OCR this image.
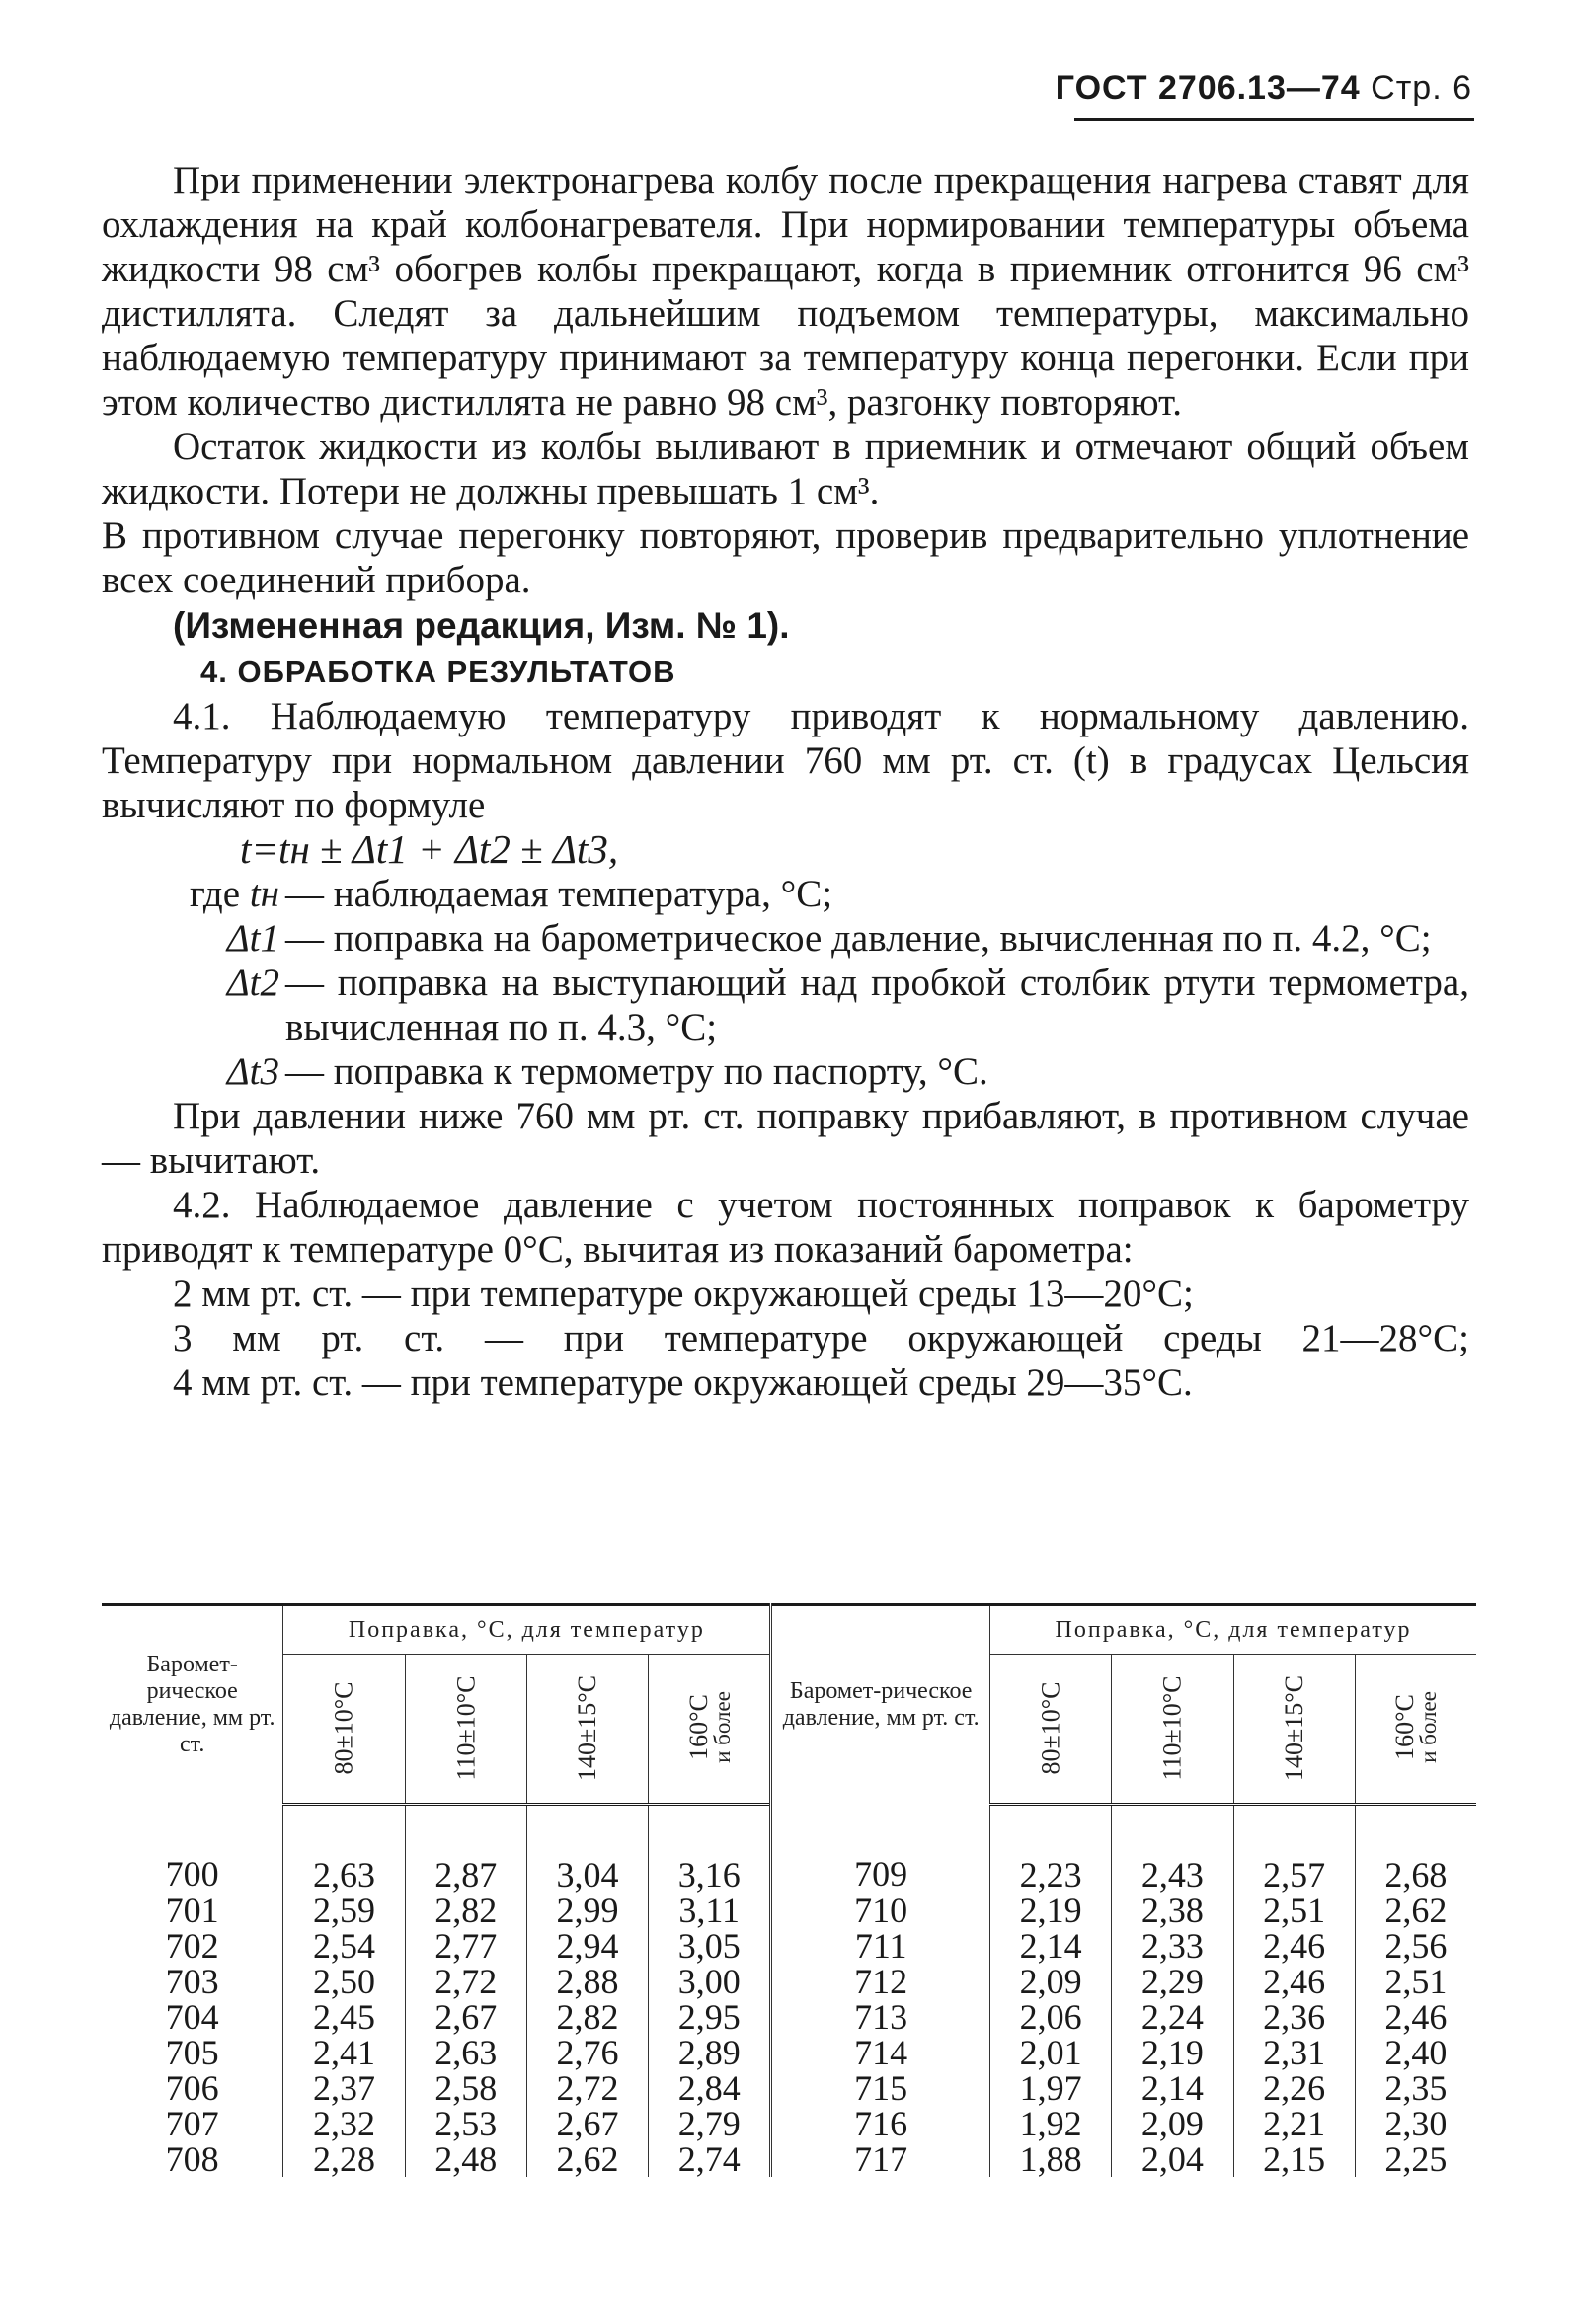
ГОСТ 2706.13—74 Стр. 6

При применении электронагрева колбу после прекращения нагрева ставят для охлаждения на край колбонагревателя. При нормировании температуры объема жидкости 98 см³ обогрев колбы прекращают, когда в приемник отгонится 96 см³ дистиллята. Следят за дальнейшим подъемом температуры, максимально наблюдаемую температуру принимают за температуру конца перегонки. Если при этом количество дистиллята не равно 98 см³, разгонку повторяют.

Остаток жидкости из колбы выливают в приемник и отмечают общий объем жидкости. Потери не должны превышать 1 см³.

В противном случае перегонку повторяют, проверив предварительно уплотнение всех соединений прибора.

(Измененная редакция, Изм. № 1).

4. ОБРАБОТКА РЕЗУЛЬТАТОВ

4.1. Наблюдаемую температуру приводят к нормальному давлению. Температуру при нормальном давлении 760 мм рт. ст. (t) в градусах Цельсия вычисляют по формуле

t=tн ± Δt1 + Δt2 ± Δt3,

где tн — наблюдаемая температура, °C;
Δt1 — поправка на барометрическое давление, вычисленная по п. 4.2, °C;
Δt2 — поправка на выступающий над пробкой столбик ртути термометра, вычисленная по п. 4.3, °C;
Δt3 — поправка к термометру по паспорту, °C.

При давлении ниже 760 мм рт. ст. поправку прибавляют, в противном случае — вычитают.

4.2. Наблюдаемое давление с учетом постоянных поправок к барометру приводят к температуре 0°C, вычитая из показаний барометра:

2 мм рт. ст. — при температуре окружающей среды 13—20°C;

3 мм рт. ст. — при температуре окружающей среды 21—28°C;

4 мм рт. ст. — при температуре окружающей среды 29—35°C.

Баромет-рическое давление, мм рт. ст.	Поправка, °C, для температур				Баромет-рическое давление, мм рт. ст.	Поправка, °C, для температур			
	80±10°C	110±10°C	140±15°C	160°C
и более		80±10°C	110±10°C	140±15°C	160°C
и более

700	2,63	2,87	3,04	3,16	709	2,23	2,43	2,57	2,68
701	2,59	2,82	2,99	3,11	710	2,19	2,38	2,51	2,62
702	2,54	2,77	2,94	3,05	711	2,14	2,33	2,46	2,56
703	2,50	2,72	2,88	3,00	712	2,09	2,29	2,46	2,51
704	2,45	2,67	2,82	2,95	713	2,06	2,24	2,36	2,46
705	2,41	2,63	2,76	2,89	714	2,01	2,19	2,31	2,40
706	2,37	2,58	2,72	2,84	715	1,97	2,14	2,26	2,35
707	2,32	2,53	2,67	2,79	716	1,92	2,09	2,21	2,30
708	2,28	2,48	2,62	2,74	717	1,88	2,04	2,15	2,25
